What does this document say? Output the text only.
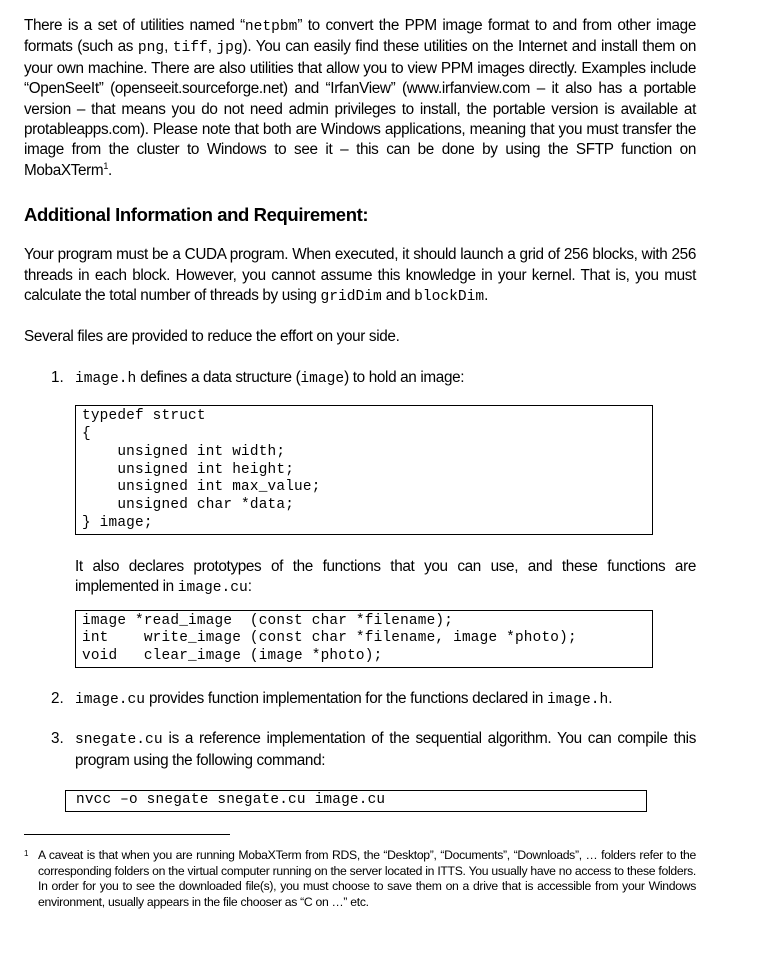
There is a set of utilities named “netpbm” to convert the PPM image format to and from other image formats (such as png, tiff, jpg). You can easily find these utilities on the Internet and install them on your own machine. There are also utilities that allow you to view PPM images directly. Examples include “OpenSeeIt” (openseeit.sourceforge.net) and “IrfanView” (www.irfanview.com – it also has a portable version – that means you do not need admin privileges to install, the portable version is available at protableapps.com). Please note that both are Windows applications, meaning that you must transfer the image from the cluster to Windows to see it – this can be done by using the SFTP function on MobaXTerm$^1$.

Additional Information and Requirement:

Your program must be a CUDA program. When executed, it should launch a grid of 256 blocks, with 256 threads in each block. However, you cannot assume this knowledge in your kernel. That is, you must calculate the total number of threads by using gridDim and blockDim.

Several files are provided to reduce the effort on your side.

1. image.h defines a data structure (image) to hold an image:

typedef struct
{
unsigned int width;
unsigned int height;
unsigned int max_value;
unsigned char *data;
} image;

It also declares prototypes of the functions that you can use, and these functions are implemented in image.cu:

image *read_image  (const char *filename);
int    write_image (const char *filename, image *photo);
void   clear_image (image *photo);
2. image.cu provides function implementation for the functions declared in image.h.

3. snegate.cu is a reference implementation of the sequential algorithm. You can compile this program using the following command:

nvcc –o snegate snegate.cu image.cu

1 A caveat is that when you are running MobaXTerm from RDS, the “Desktop”, “Documents”, “Downloads”, … folders refer to the corresponding folders on the virtual computer running on the server located in ITTS. You usually have no access to these folders. In order for you to see the downloaded file(s), you must choose to save them on a drive that is accessible from your Windows environment, usually appears in the file chooser as “C on …” etc.
